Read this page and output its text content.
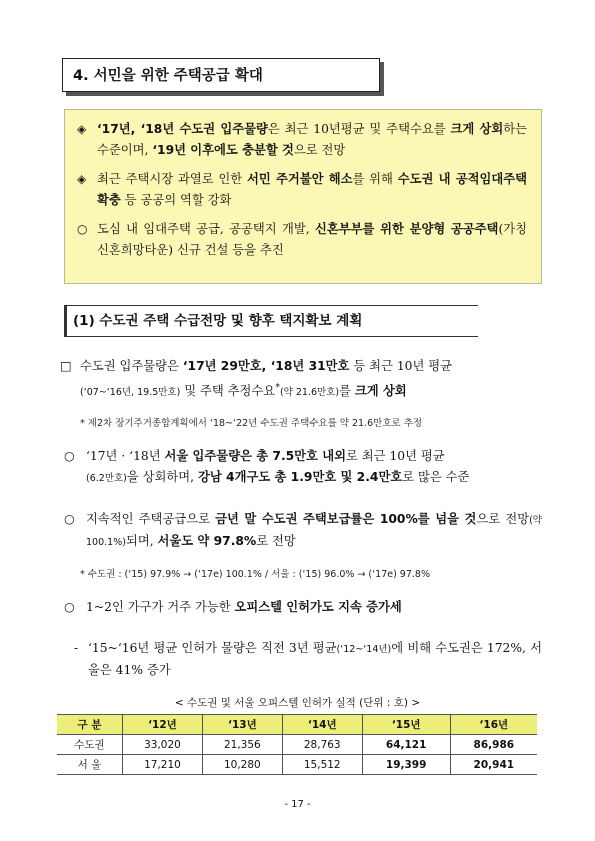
4. 서민을 위한 주택공급 확대
◈ ‘17년, ‘18년 수도권 입주물량은 최근 10년평균 및 주택수요를 크게 상회하는 수준이며, ‘19년 이후에도 충분할 것으로 전망
◈ 최근 주택시장 과열로 인한 서민 주거불안 해소를 위해 수도권 내 공적임대주택 확충 등 공공의 역할 강화
○ 도심 내 임대주택 공급, 공공택지 개발, 신혼부부를 위한 분양형 공공주택(가칭 신혼희망타운) 신규 건설 등을 추진
(1) 수도권 주택 수급전망 및 향후 택지확보 계획
□ 수도권 입주물량은 ‘17년 29만호, ‘18년 31만호 등 최근 10년 평균
(‘07~‘16년, 19.5만호) 및 주택 추정수요*(약 21.6만호)를 크게 상회
* 제2차 장기주거종합계획에서 ‘18~‘22년 수도권 주택수요를 약 21.6만호로 추정
○ ‘17년 · ‘18년 서울 입주물량은 총 7.5만호 내외로 최근 10년 평균
(6.2만호)을 상회하며, 강남 4개구도 총 1.9만호 및 2.4만호로 많은 수준
○ 지속적인 주택공급으로 금년 말 수도권 주택보급률은 100%를 넘을 것으로 전망(약 100.1%)되며, 서울도 약 97.8%로 전망
* 수도권 : (‘15) 97.9% → (‘17e) 100.1% / 서울 : (‘15) 96.0% → (‘17e) 97.8%
○ 1~2인 가구가 거주 가능한 오피스텔 인허가도 지속 증가세
- ‘15~‘16년 평균 인허가 물량은 직전 3년 평균(‘12~‘14년)에 비해 수도권은 172%, 서울은 41% 증가
< 수도권 및 서울 오피스텔 인허가 실적 (단위 : 호) >
구 분	‘12년	‘13년	‘14년	‘15년	‘16년
수도권	33,020	21,356	28,763	64,121	86,986
서 울	17,210	10,280	15,512	19,399	20,941
- 17 -
